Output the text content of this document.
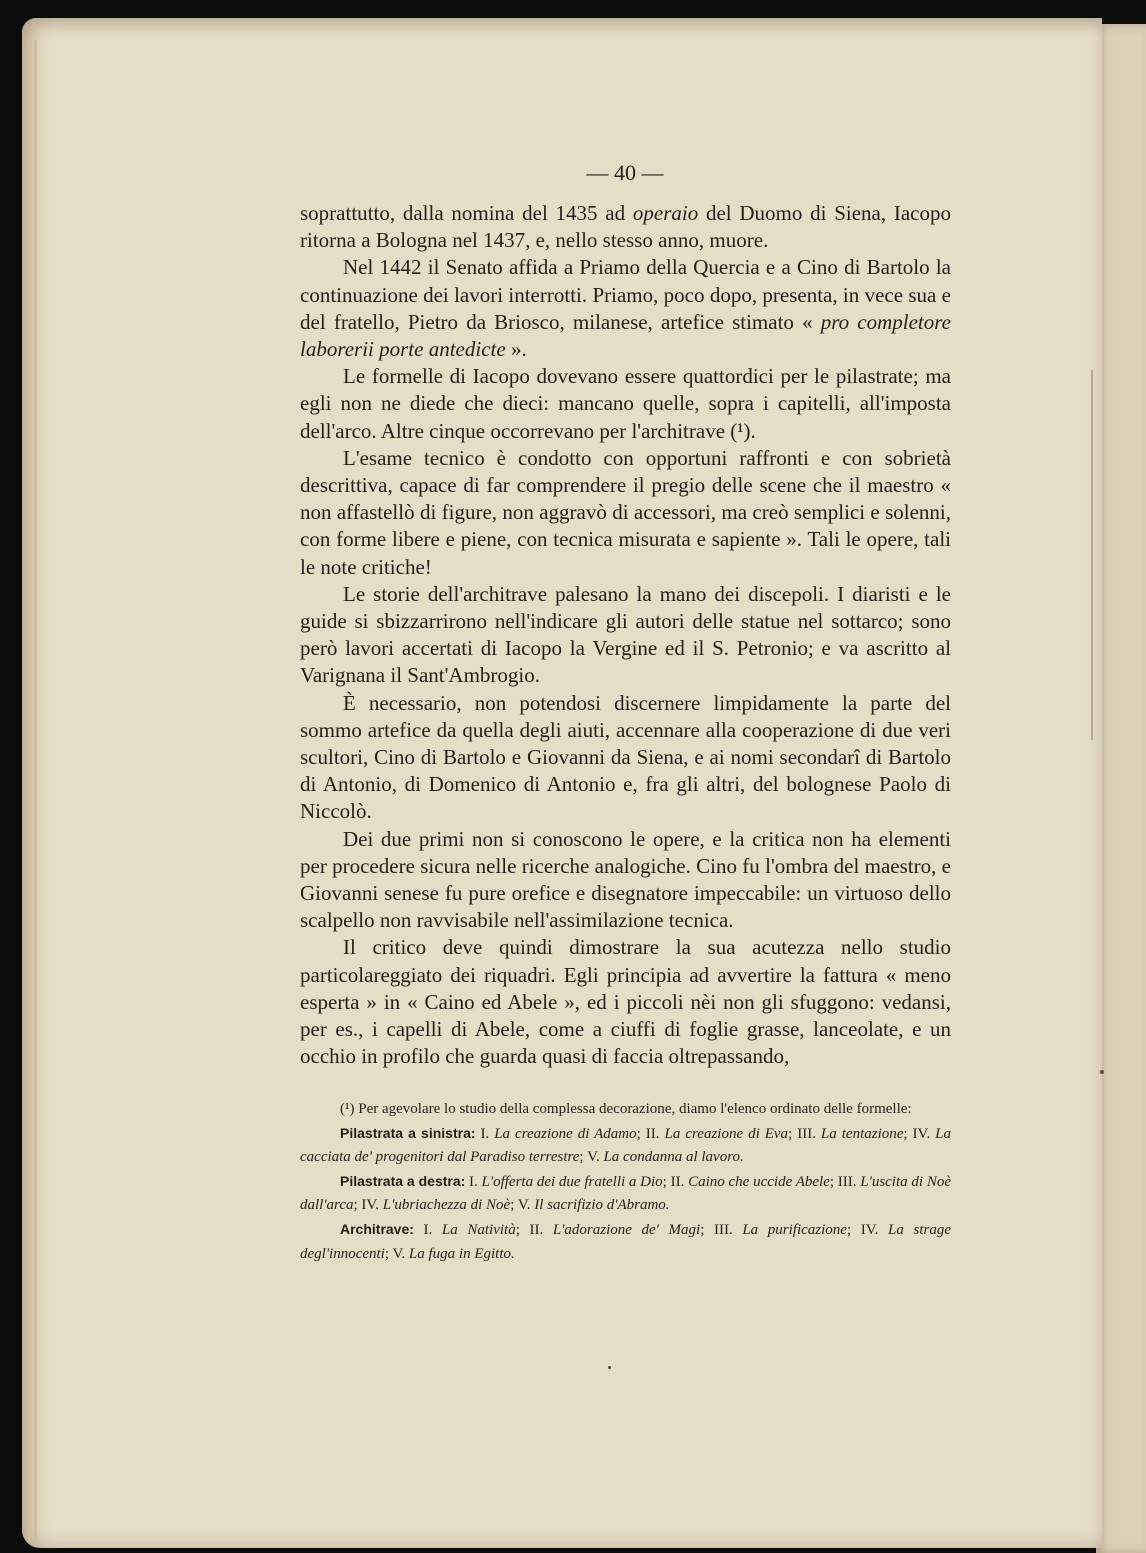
— 40 —

soprattutto, dalla nomina del 1435 ad operaio del Duomo di Siena, Iacopo ritorna a Bologna nel 1437, e, nello stesso anno, muore.

Nel 1442 il Senato affida a Priamo della Quercia e a Cino di Bartolo la continuazione dei lavori interrotti. Priamo, poco dopo, presenta, in vece sua e del fratello, Pietro da Briosco, milanese, artefice stimato « pro completore laborerii porte antedicte ».

Le formelle di Iacopo dovevano essere quattordici per le pilastrate; ma egli non ne diede che dieci: mancano quelle, sopra i capitelli, all'imposta dell'arco. Altre cinque occorrevano per l'architrave (¹).

L'esame tecnico è condotto con opportuni raffronti e con sobrietà descrittiva, capace di far comprendere il pregio delle scene che il maestro « non affastellò di figure, non aggravò di accessori, ma creò semplici e solenni, con forme libere e piene, con tecnica misurata e sapiente ». Tali le opere, tali le note critiche!

Le storie dell'architrave palesano la mano dei discepoli. I diaristi e le guide si sbizzarrirono nell'indicare gli autori delle statue nel sottarco; sono però lavori accertati di Iacopo la Vergine ed il S. Petronio; e va ascritto al Varignana il Sant'Ambrogio.

È necessario, non potendosi discernere limpidamente la parte del sommo artefice da quella degli aiuti, accennare alla cooperazione di due veri scultori, Cino di Bartolo e Giovanni da Siena, e ai nomi secondarî di Bartolo di Antonio, di Domenico di Antonio e, fra gli altri, del bolognese Paolo di Niccolò.

Dei due primi non si conoscono le opere, e la critica non ha elementi per procedere sicura nelle ricerche analogiche. Cino fu l'ombra del maestro, e Giovanni senese fu pure orefice e disegnatore impeccabile: un virtuoso dello scalpello non ravvisabile nell'assimilazione tecnica.

Il critico deve quindi dimostrare la sua acutezza nello studio particolareggiato dei riquadri. Egli principia ad avvertire la fattura « meno esperta » in « Caino ed Abele », ed i piccoli nèi non gli sfuggono: vedansi, per es., i capelli di Abele, come a ciuffi di foglie grasse, lanceolate, e un occhio in profilo che guarda quasi di faccia oltrepassando,

(¹) Per agevolare lo studio della complessa decorazione, diamo l'elenco ordinato delle formelle:

Pilastrata a sinistra: I. La creazione di Adamo; II. La creazione di Eva; III. La tentazione; IV. La cacciata de' progenitori dal Paradiso terrestre; V. La condanna al lavoro.

Pilastrata a destra: I. L'offerta dei due fratelli a Dio; II. Caino che uccide Abele; III. L'uscita di Noè dall'arca; IV. L'ubriachezza di Noè; V. Il sacrifizio d'Abramo.

Architrave: I. La Natività; II. L'adorazione de' Magi; III. La purificazione; IV. La strage degl'innocenti; V. La fuga in Egitto.
